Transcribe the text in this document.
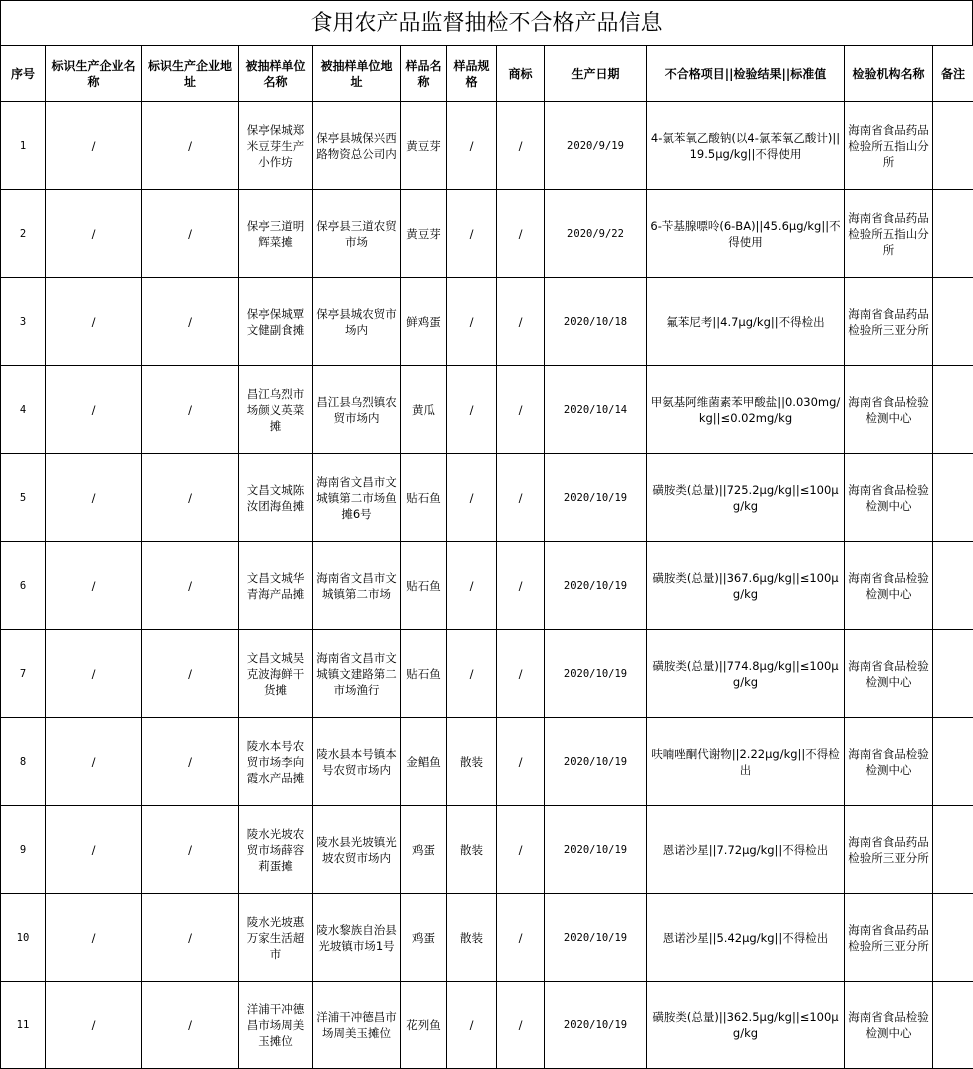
食用农产品监督抽检不合格产品信息
序号	标识生产企业名称	标识生产企业地址	被抽样单位名称	被抽样单位地址	样品名称	样品规格	商标	生产日期	不合格项目||检验结果||标准值	检验机构名称	备注
1	/	/	保亭保城郑米豆芽生产小作坊	保亭县城保兴西路物资总公司内	黄豆芽	/	/	2020/9/19	4-氯苯氧乙酸钠(以4-氯苯氧乙酸计)||19.5μg/kg||不得使用	海南省食品药品检验所五指山分所	
2	/	/	保亭三道明辉菜摊	保亭县三道农贸市场	黄豆芽	/	/	2020/9/22	6-苄基腺嘌呤(6-BA)||45.6μg/kg||不得使用	海南省食品药品检验所五指山分所	
3	/	/	保亭保城覃文健副食摊	保亭县城农贸市场内	鲜鸡蛋	/	/	2020/10/18	氟苯尼考||4.7μg/kg||不得检出	海南省食品药品检验所三亚分所	
4	/	/	昌江乌烈市场颜义英菜摊	昌江县乌烈镇农贸市场内	黄瓜	/	/	2020/10/14	甲氨基阿维菌素苯甲酸盐||0.030mg/kg||≤0.02mg/kg	海南省食品检验检测中心	
5	/	/	文昌文城陈汝团海鱼摊	海南省文昌市文城镇第二市场鱼摊6号	贴石鱼	/	/	2020/10/19	磺胺类(总量)||725.2μg/kg||≤100μg/kg	海南省食品检验检测中心	
6	/	/	文昌文城华青海产品摊	海南省文昌市文城镇第二市场	贴石鱼	/	/	2020/10/19	磺胺类(总量)||367.6μg/kg||≤100μg/kg	海南省食品检验检测中心	
7	/	/	文昌文城吴克波海鲜干货摊	海南省文昌市文城镇文建路第二市场渔行	贴石鱼	/	/	2020/10/19	磺胺类(总量)||774.8μg/kg||≤100μg/kg	海南省食品检验检测中心	
8	/	/	陵水本号农贸市场李向霞水产品摊	陵水县本号镇本号农贸市场内	金鲳鱼	散装	/	2020/10/19	呋喃唑酮代谢物||2.22μg/kg||不得检出	海南省食品检验检测中心	
9	/	/	陵水光坡农贸市场薛容莉蛋摊	陵水县光坡镇光坡农贸市场内	鸡蛋	散装	/	2020/10/19	恩诺沙星||7.72μg/kg||不得检出	海南省食品药品检验所三亚分所	
10	/	/	陵水光坡惠万家生活超市	陵水黎族自治县光坡镇市场1号	鸡蛋	散装	/	2020/10/19	恩诺沙星||5.42μg/kg||不得检出	海南省食品药品检验所三亚分所	
11	/	/	洋浦干冲德昌市场周美玉摊位	洋浦干冲德昌市场周美玉摊位	花列鱼	/	/	2020/10/19	磺胺类(总量)||362.5μg/kg||≤100μg/kg	海南省食品检验检测中心	
